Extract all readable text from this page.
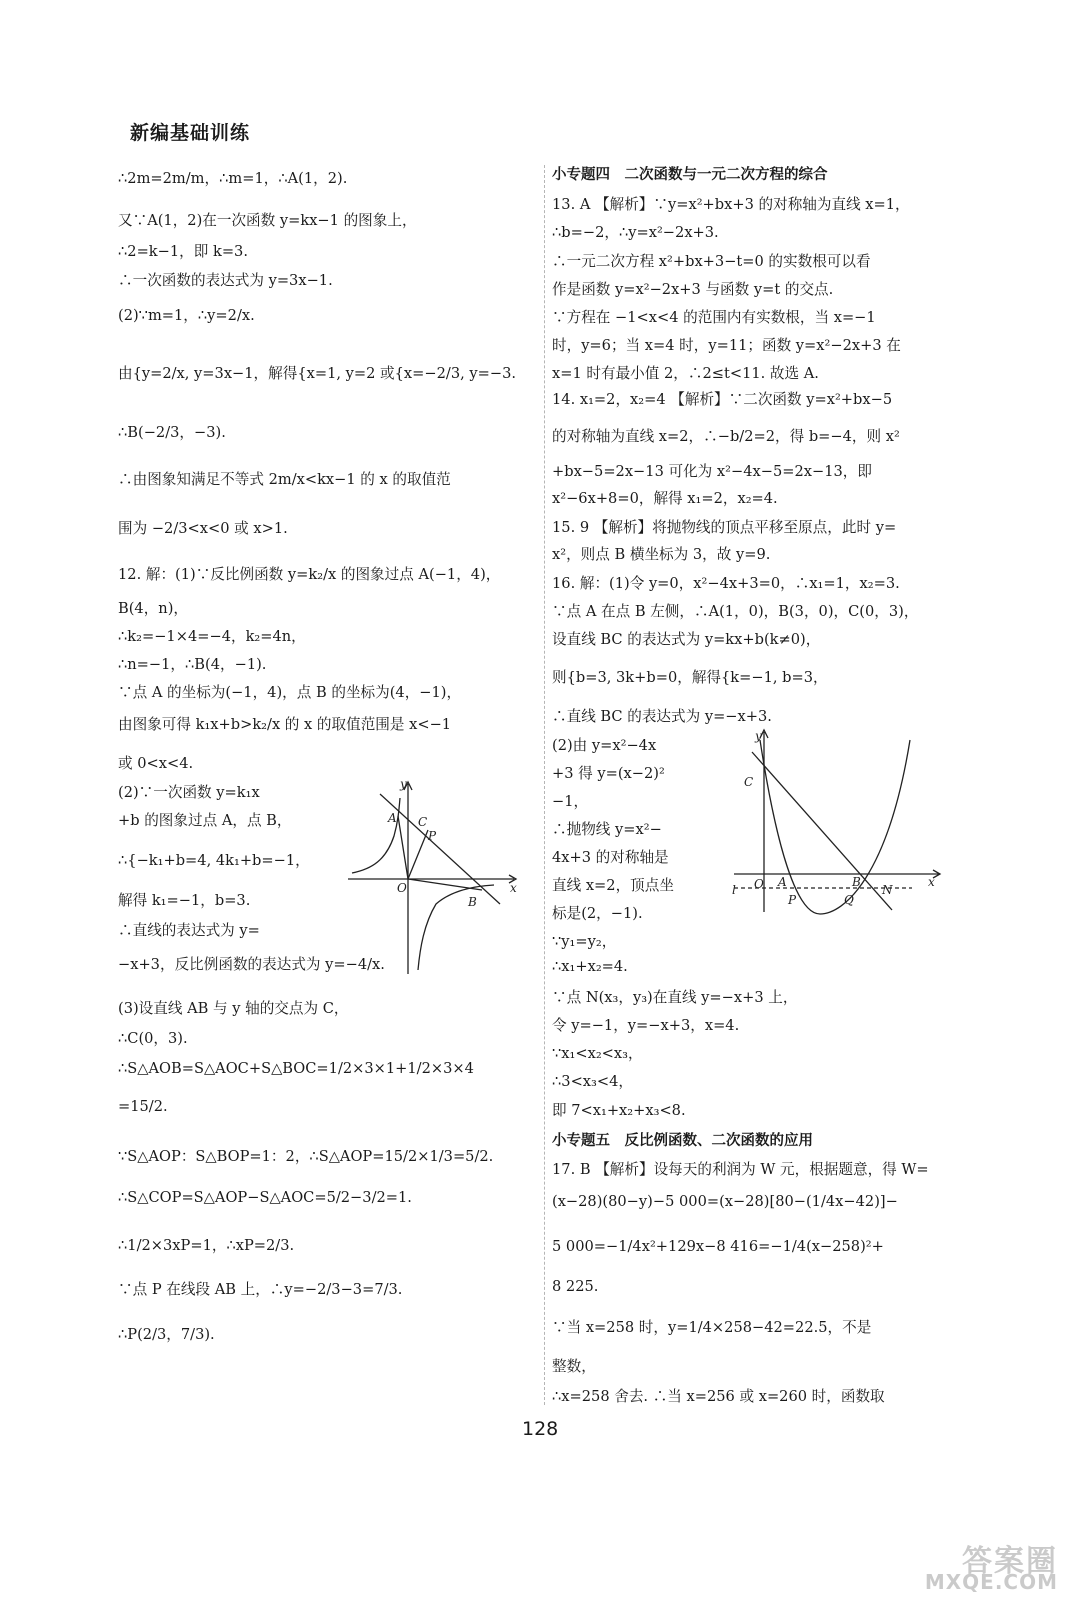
新编基础训练
∴2m=2m/m，∴m=1，∴A(1，2).
又∵A(1，2)在一次函数 y=kx−1 的图象上，
∴2=k−1，即 k=3.
∴一次函数的表达式为 y=3x−1.
(2)∵m=1，∴y=2/x.
由{y=2/x, y=3x−1，解得{x=1, y=2 或{x=−2/3, y=−3.
∴B(−2/3，−3).
∴由图象知满足不等式 2m/x<kx−1 的 x 的取值范
围为 −2/3<x<0 或 x>1.
12. 解：(1)∵反比例函数 y=k₂/x 的图象过点 A(−1，4)，
B(4，n)，
∴k₂=−1×4=−4，k₂=4n，
∴n=−1，∴B(4，−1).
∵点 A 的坐标为(−1，4)，点 B 的坐标为(4，−1)，
由图象可得 k₁x+b>k₂/x 的 x 的取值范围是 x<−1
或 0<x<4.
(2)∵一次函数 y=k₁x
+b 的图象过点 A，点 B，
∴{−k₁+b=4, 4k₁+b=−1，
解得 k₁=−1，b=3.
∴直线的表达式为 y=
−x+3，反比例函数的表达式为 y=−4/x.
(3)设直线 AB 与 y 轴的交点为 C，
∴C(0，3).
∴S△AOB=S△AOC+S△BOC=1/2×3×1+1/2×3×4
=15/2.
∵S△AOP：S△BOP=1：2，∴S△AOP=15/2×1/3=5/2.
∴S△COP=S△AOP−S△AOC=5/2−3/2=1.
∴1/2×3xP=1，∴xP=2/3.
∵点 P 在线段 AB 上，∴y=−2/3−3=7/3.
∴P(2/3，7/3).
y
A C
P
O
B
x
小专题四　二次函数与一元二次方程的综合
13. A 【解析】∵y=x²+bx+3 的对称轴为直线 x=1，
∴b=−2，∴y=x²−2x+3.
∴一元二次方程 x²+bx+3−t=0 的实数根可以看
作是函数 y=x²−2x+3 与函数 y=t 的交点.
∵方程在 −1<x<4 的范围内有实数根，当 x=−1
时，y=6；当 x=4 时，y=11；函数 y=x²−2x+3 在
x=1 时有最小值 2，∴2≤t<11. 故选 A.
14. x₁=2，x₂=4 【解析】∵二次函数 y=x²+bx−5
的对称轴为直线 x=2，∴−b/2=2，得 b=−4，则 x²
+bx−5=2x−13 可化为 x²−4x−5=2x−13，即
x²−6x+8=0，解得 x₁=2，x₂=4.
15. 9 【解析】将抛物线的顶点平移至原点，此时 y=
x²，则点 B 横坐标为 3，故 y=9.
16. 解：(1)令 y=0，x²−4x+3=0，∴x₁=1，x₂=3.
∵点 A 在点 B 左侧，∴A(1，0)，B(3，0)，C(0，3)，
设直线 BC 的表达式为 y=kx+b(k≠0)，
则{b=3, 3k+b=0，解得{k=−1, b=3，
∴直线 BC 的表达式为 y=−x+3.
(2)由 y=x²−4x
+3 得 y=(x−2)²
−1，
∴抛物线 y=x²−
4x+3 的对称轴是
直线 x=2，顶点坐
标是(2，−1).
∵y₁=y₂，
∴x₁+x₂=4.
∵点 N(x₃，y₃)在直线 y=−x+3 上，
令 y=−1，y=−x+3，x=4.
∵x₁<x₂<x₃，
∴3<x₃<4，
即 7<x₁+x₂+x₃<8.
小专题五　反比例函数、二次函数的应用
17. B 【解析】设每天的利润为 W 元，根据题意，得 W=
(x−28)(80−y)−5 000=(x−28)[80−(1/4x−42)]−
5 000=−1/4x²+129x−8 416=−1/4(x−258)²+
8 225.
∵当 x=258 时，y=1/4×258−42=22.5，不是
整数，
∴x=258 舍去. ∴当 x=256 或 x=260 时，函数取
y
C
O A	B
N
x
P	Q
l
128
答案圈
MXQE.COM
